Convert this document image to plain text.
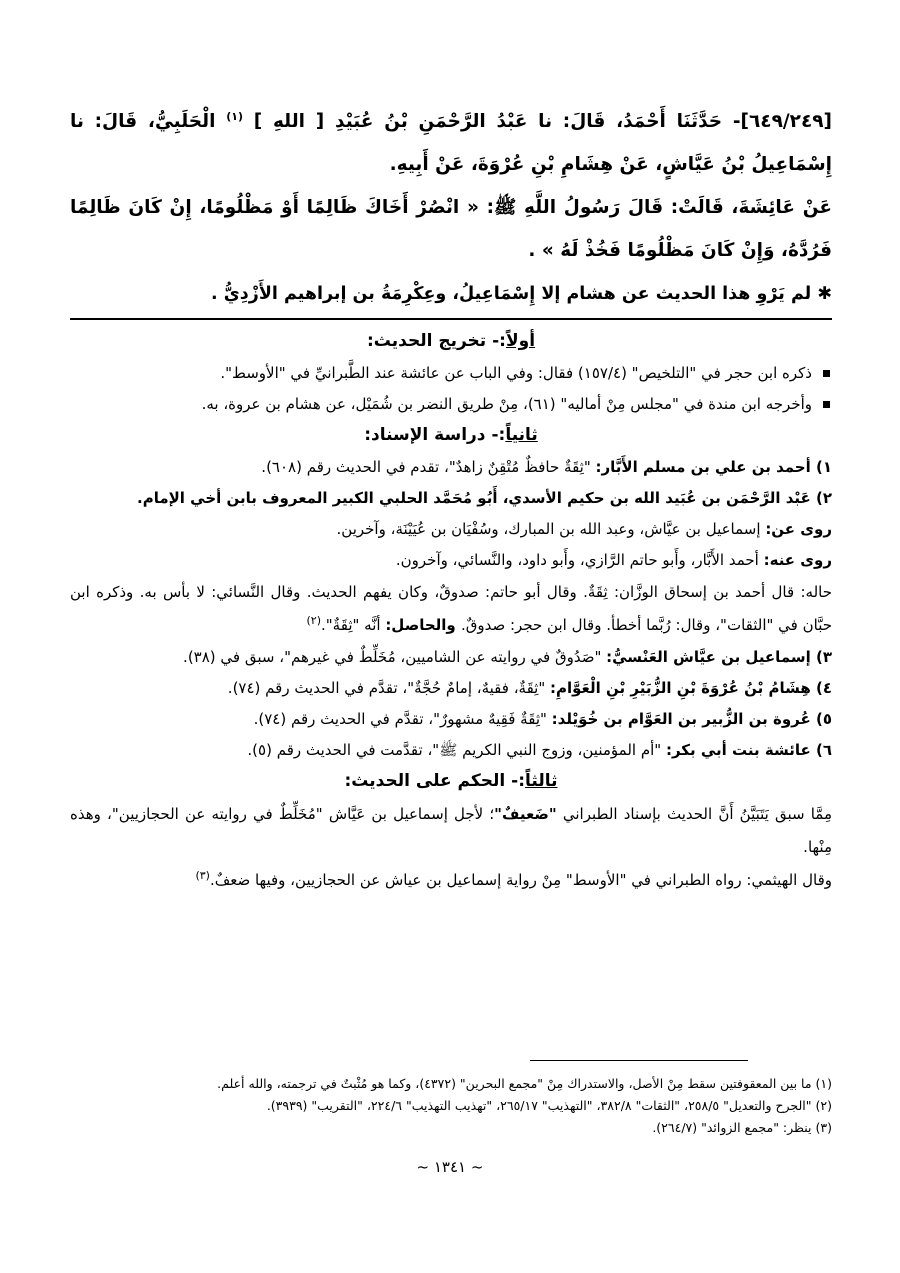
[٦٤٩/٢٤٩]- حَدَّثَنَا أَحْمَدُ، قَالَ: نا عَبْدُ الرَّحْمَنِ بْنُ عُبَيْدِ [ اللهِ ] $^{(١)}$ الْحَلَبِيُّ، قَالَ: نا إِسْمَاعِيلُ بْنُ عَيَّاشٍ، عَنْ هِشَامِ بْنِ عُرْوَةَ، عَنْ أَبِيهِ.
عَنْ عَائِشَةَ، قَالَتْ: قَالَ رَسُولُ اللَّهِ ﷺ: « انْصُرْ أَخَاكَ ظَالِمًا أَوْ مَظْلُومًا، إِنْ كَانَ ظَالِمًا فَرُدَّهُ، وَإِنْ كَانَ مَظْلُومًا فَخُذْ لَهُ » .
✱ لم يَرْوِ هذا الحديث عن هشام إلا إِسْمَاعِيلُ، وعِكْرِمَةُ بن إبراهيم الأَزْدِيُّ .
أولاً:- تخريج الحديث:
ذكره ابن حجر في "التلخيص" (١٥٧/٤) فقال: وفي الباب عن عائشة عند الطَّبرانيِّ في "الأوسط".
وأخرجه ابن مندة في "مجلس مِنْ أماليه" (٦١)، مِنْ طريق النضر بن شُمَيْل، عن هشام بن عروة، به.
ثانياً:- دراسة الإسناد:
١) أحمد بن علي بن مسلم الأَبَّار: "ثِقَةٌ حافظٌ مُتْقِنٌ زاهدٌ"، تقدم في الحديث رقم (٦٠٨).
٢) عَبْد الرَّحْمَن بن عُبَيد الله بن حكيم الأسدي، أَبُو مُحَمَّد الحلبي الكبير المعروف بابن أخي الإمام.
روى عن: إسماعيل بن عيَّاش، وعبد الله بن المبارك، وسُفْيَان بن عُيَيْنَة، وآخرين.
روى عنه: أحمد الأَبَّار، وأَبو حاتم الرَّازي، وأَبو داود، والنَّسائي، وآخرون.
حاله: قال أحمد بن إسحاق الوزَّان: ثِقَةٌ. وقال أبو حاتم: صدوقٌ، وكان يفهم الحديث. وقال النَّسائي: لا بأس به. وذكره ابن حبَّان في "الثقات"، وقال: رُبَّما أخطأ. وقال ابن حجر: صدوقٌ. والحاصل: أنَّه "ثِقَةٌ".$^{(٢)}$
٣) إسماعيل بن عيَّاش العَنْسيُّ: "صَدُوقٌ في روايته عن الشاميين، مُخَلِّطٌ في غيرهم"، سبق في (٣٨).
٤) هِشَامُ بْنُ عُرْوَةَ بْنِ الزُّبَيْرِ بْنِ الْعَوَّامِ: "ثِقَةٌ، فقيهٌ، إمامٌ حُجَّةٌ"، تقدَّم في الحديث رقم (٧٤).
٥) عُروة بن الزُّبير بن العَوَّام بن خُوَيْلد: "ثِقَةٌ فَقِيهٌ مشهورٌ"، تقدَّم في الحديث رقم (٧٤).
٦) عائشة بنت أبي بكر: "أم المؤمنين، وزوج النبي الكريم ﷺ"، تقدَّمت في الحديث رقم (٥).
ثالثاً:- الحكم على الحديث:
مِمَّا سبق يَتَبَيَّنُ أَنَّ الحديث بإسناد الطبراني "ضَعيفٌ"؛ لأجل إسماعيل بن عَيَّاش "مُخَلِّطٌ في روايته عن الحجازيين"، وهذه مِنْها.
وقال الهيثمي: رواه الطبراني في "الأوسط" مِنْ رواية إسماعيل بن عياش عن الحجازيين، وفيها ضعفٌ.$^{(٣)}$
(١) ما بين المعقوفتين سقط مِنْ الأصل، والاستدراك مِنْ "مجمع البحرين" (٤٣٧٢)، وكما هو مُثْبتٌ في ترجمته، والله أعلم.
(٢) "الجرح والتعديل" ٢٥٨/٥، "الثقات" ٣٨٢/٨، "التهذيب" ٢٦٥/١٧، "تهذيب التهذيب" ٢٢٤/٦، "التقريب" (٣٩٣٩).
(٣) ينظر: "مجمع الزوائد" (٢٦٤/٧).
~ ١٣٤١ ~
